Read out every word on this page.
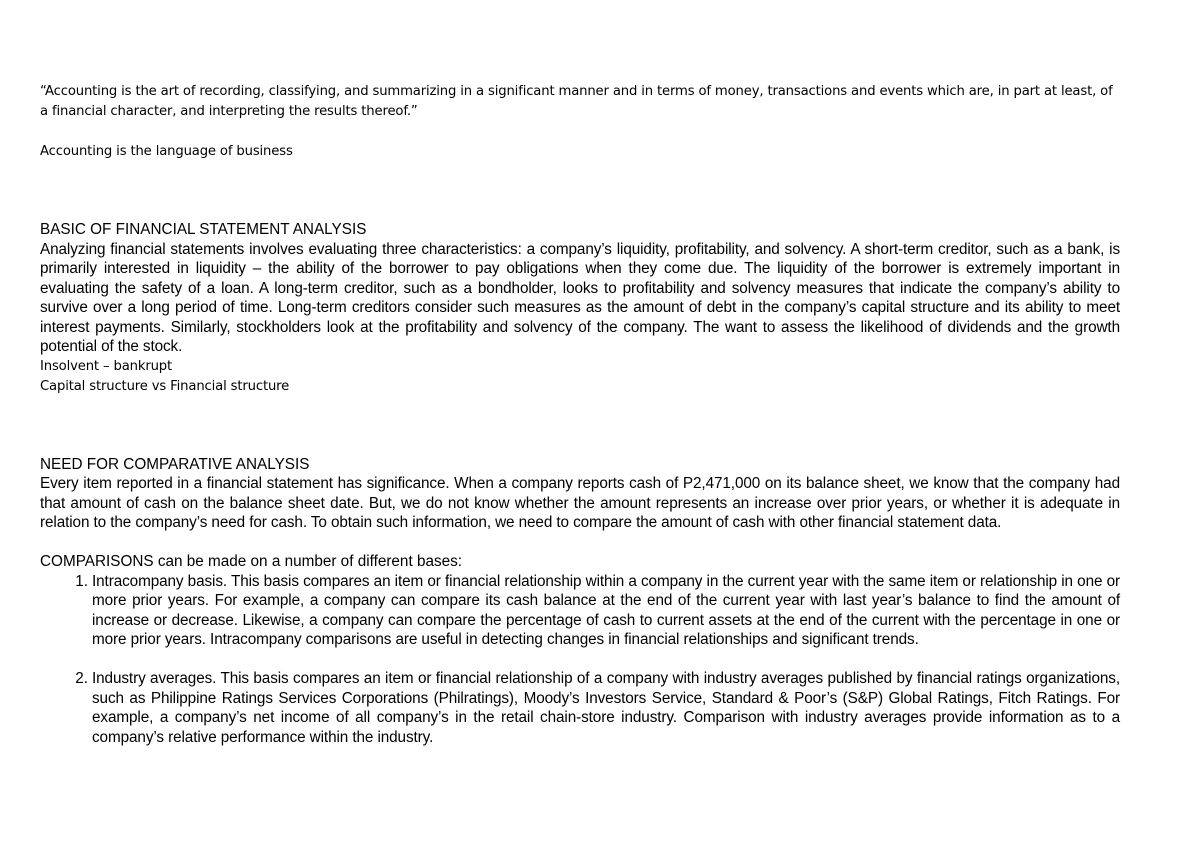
“Accounting is the art of recording, classifying, and summarizing in a significant manner and in terms of money, transactions and events which are, in part at least, of a financial character, and interpreting the results thereof.”

Accounting is the language of business

BASIC OF FINANCIAL STATEMENT ANALYSIS

Analyzing financial statements involves evaluating three characteristics: a company’s liquidity, profitability, and solvency. A short-term creditor, such as a bank, is primarily interested in liquidity – the ability of the borrower to pay obligations when they come due. The liquidity of the borrower is extremely important in evaluating the safety of a loan. A long-term creditor, such as a bondholder, looks to profitability and solvency measures that indicate the company’s ability to survive over a long period of time. Long-term creditors consider such measures as the amount of debt in the company’s capital structure and its ability to meet interest payments. Similarly, stockholders look at the profitability and solvency of the company. The want to assess the likelihood of dividends and the growth potential of the stock.

Insolvent – bankrupt

Capital structure vs Financial structure

NEED FOR COMPARATIVE ANALYSIS

Every item reported in a financial statement has significance. When a company reports cash of P2,471,000 on its balance sheet, we know that the company had that amount of cash on the balance sheet date. But, we do not know whether the amount represents an increase over prior years, or whether it is adequate in relation to the company’s need for cash. To obtain such information, we need to compare the amount of cash with other financial statement data.

COMPARISONS can be made on a number of different bases:

1. Intracompany basis. This basis compares an item or financial relationship within a company in the current year with the same item or relationship in one or more prior years. For example, a company can compare its cash balance at the end of the current year with last year’s balance to find the amount of increase or decrease. Likewise, a company can compare the percentage of cash to current assets at the end of the current with the percentage in one or more prior years. Intracompany comparisons are useful in detecting changes in financial relationships and significant trends.
2. Industry averages. This basis compares an item or financial relationship of a company with industry averages published by financial ratings organizations, such as Philippine Ratings Services Corporations (Philratings), Moody’s Investors Service, Standard & Poor’s (S&P) Global Ratings, Fitch Ratings. For example, a company’s net income of all company’s in the retail chain-store industry. Comparison with industry averages provide information as to a company’s relative performance within the industry.
